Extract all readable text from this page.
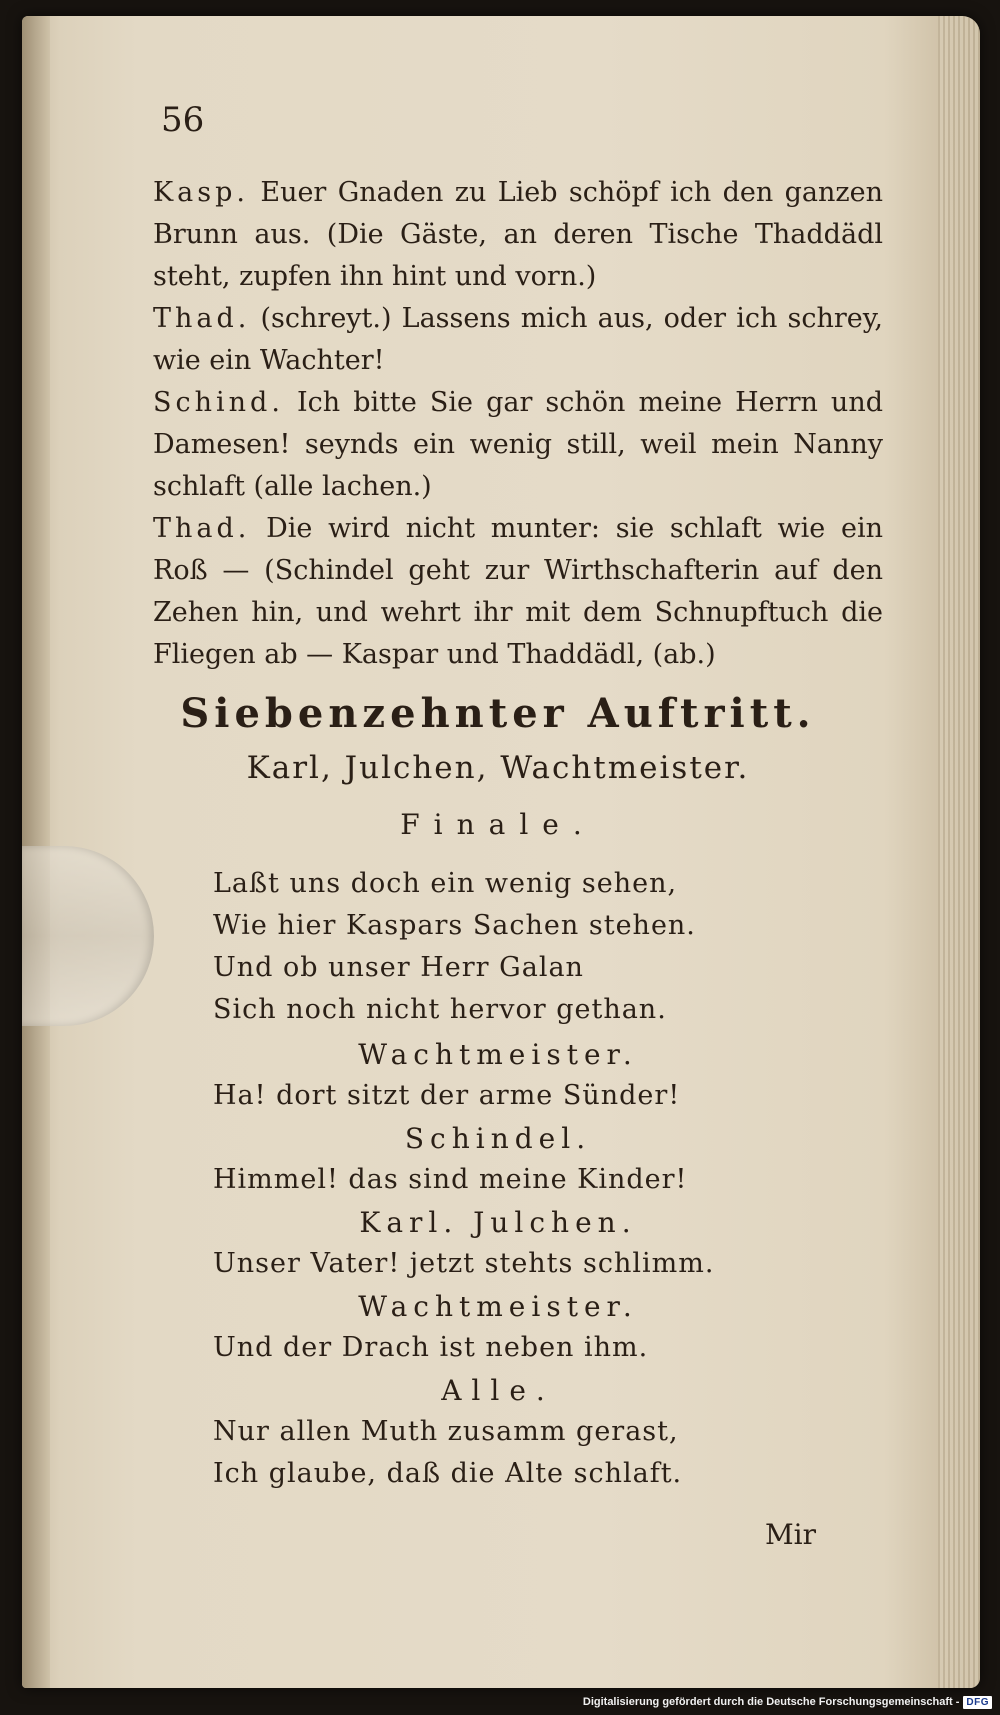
56

Kasp. Euer Gnaden zu Lieb schöpf ich den ganzen Brunn aus. (Die Gäste, an deren Tische Thaddädl steht, zupfen ihn hint und vorn.)

Thad. (schreyt.) Lassens mich aus, oder ich schrey, wie ein Wachter!

Schind. Ich bitte Sie gar schön meine Herrn und Damesen! seynds ein wenig still, weil mein Nanny schlaft (alle lachen.)

Thad. Die wird nicht munter: sie schlaft wie ein Roß — (Schindel geht zur Wirthschafterin auf den Zehen hin, und wehrt ihr mit dem Schnupftuch die Fliegen ab — Kaspar und Thaddädl, (ab.)

Siebenzehnter Auftritt.
Karl, Julchen, Wachtmeister.
Finale.
Laßt uns doch ein wenig sehen,
Wie hier Kaspars Sachen stehen.
Und ob unser Herr Galan
Sich noch nicht hervor gethan.
Wachtmeister.
Ha! dort sitzt der arme Sünder!
Schindel.
Himmel! das sind meine Kinder!
Karl. Julchen.
Unser Vater! jetzt stehts schlimm.
Wachtmeister.
Und der Drach ist neben ihm.
Alle.
Nur allen Muth zusamm gerast,
Ich glaube, daß die Alte schlaft.
Mir
Digitalisierung gefördert durch die Deutsche Forschungsgemeinschaft - DFG
